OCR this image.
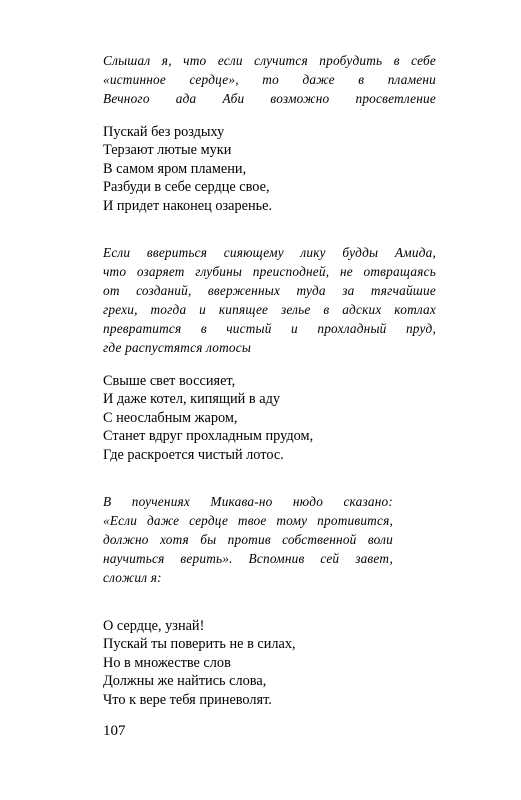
Слышал я, что если случится пробудить в себе
«истинное сердце», то даже в пламени
Вечного ада Аби возможно просветление
Пускай без роздыху
Терзают лютые муки
В самом яром пламени,
Разбуди в себе сердце свое,
И придет наконец озаренье.
Если ввериться сияющему лику будды Амида,
что озаряет глубины преисподней, не отвращаясь
от созданий, ввержeнных туда за тягчайшие
грехи, тогда и кипящее зелье в адских котлах
превратится в чистый и прохладный пруд,
где распустятся лотосы
Свыше свет воссияет,
И даже котел, кипящий в аду
С неослабным жаром,
Станет вдруг прохладным прудом,
Где раскроется чистый лотос.
В поучениях Микава-но нюдо сказано:
«Если даже сердце твое тому противится,
должно хотя бы против собственной воли
научиться верить». Вспомнив сей завет,
сложил я:
О сердце, узнай!
Пускай ты поверить не в силах,
Но в множестве слов
Должны же найтись слова,
Что к вере тебя приневолят.
107
